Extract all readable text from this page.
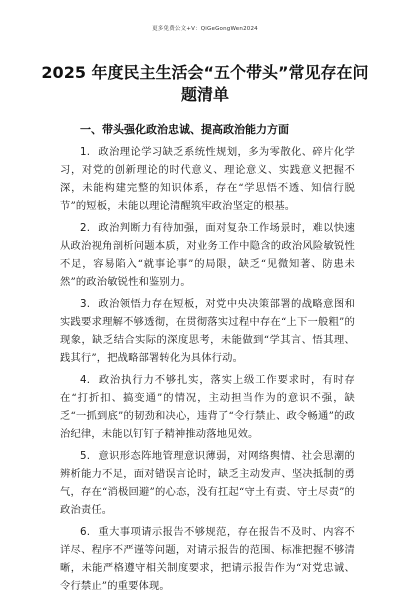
更多免费公文+V：QiGeGongWen2024
2025 年度民主生活会“五个带头”常见存在问题清单
一、带头强化政治忠诚、提高政治能力方面

1. 政治理论学习缺乏系统性规划，多为零散化、碎片化学习，对党的创新理论的时代意义、理论意义、实践意义把握不深，未能构建完整的知识体系，存在“学思悟不透、知信行脱节”的短板，未能以理论清醒筑牢政治坚定的根基。

2. 政治判断力有待加强，面对复杂工作场景时，难以快速从政治视角剖析问题本质，对业务工作中隐含的政治风险敏锐性不足，容易陷入“就事论事”的局限，缺乏“见微知著、防患未然”的政治敏锐性和鉴别力。

3. 政治领悟力存在短板，对党中央决策部署的战略意图和实践要求理解不够透彻，在贯彻落实过程中存在“上下一般粗”的现象，缺乏结合实际的深度思考，未能做到“学其言、悟其理、践其行”，把战略部署转化为具体行动。

4. 政治执行力不够扎实，落实上级工作要求时，有时存在“打折扣、搞变通”的情况，主动担当作为的意识不强，缺乏“一抓到底”的韧劲和决心，违背了“令行禁止、政令畅通”的政治纪律，未能以钉钉子精神推动落地见效。

5. 意识形态阵地管理意识薄弱，对网络舆情、社会思潮的辨析能力不足，面对错误言论时，缺乏主动发声、坚决抵制的勇气，存在“消极回避”的心态，没有扛起“守土有责、守土尽责”的政治责任。

6. 重大事项请示报告不够规范，存在报告不及时、内容不详尽、程序不严谨等问题，对请示报告的范围、标准把握不够清晰，未能严格遵守相关制度要求，把请示报告作为“对党忠诚、令行禁止”的重要体现。
